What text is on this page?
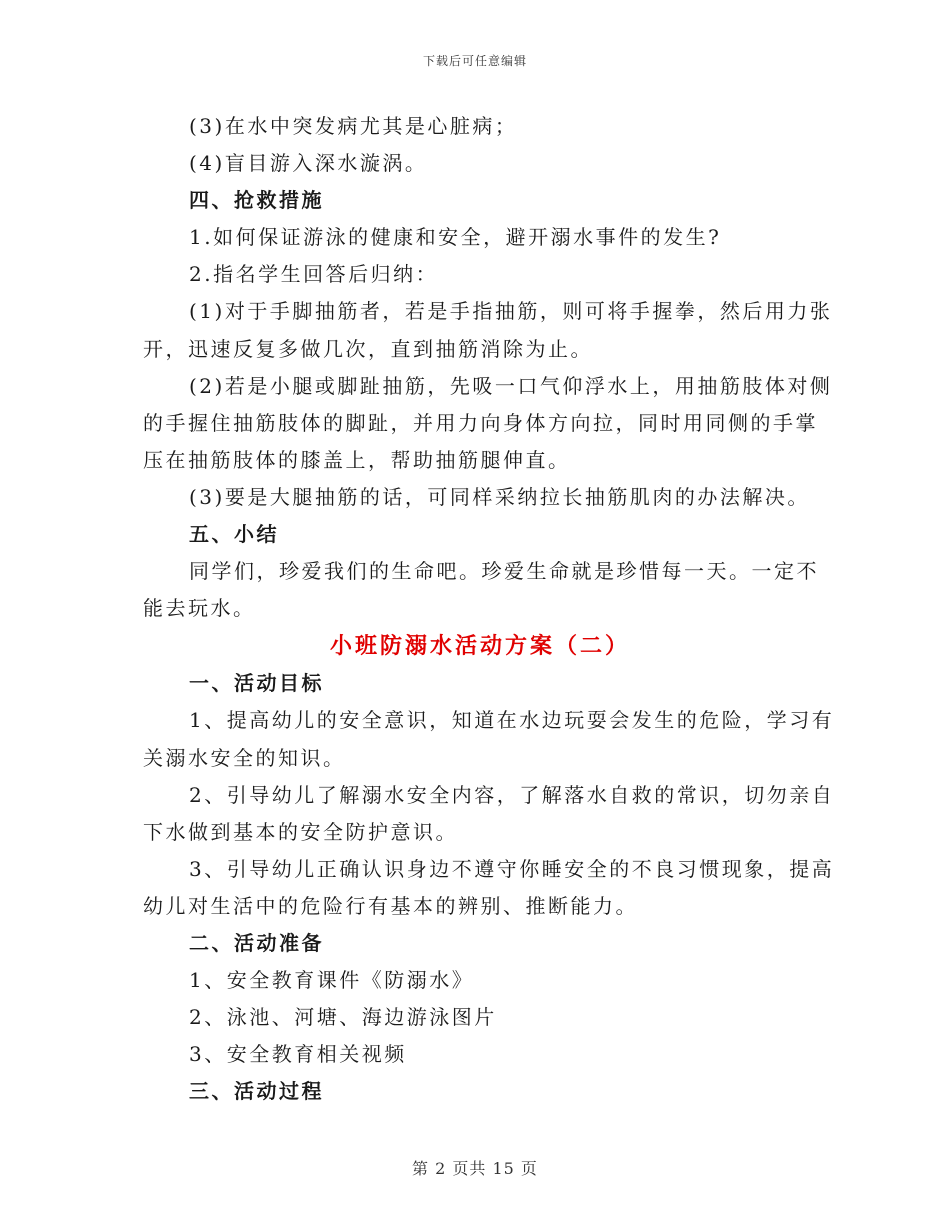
下载后可任意编辑

(3)在水中突发病尤其是心脏病；

(4)盲目游入深水漩涡。

四、抢救措施

1.如何保证游泳的健康和安全，避开溺水事件的发生?

2.指名学生回答后归纳：

(1)对于手脚抽筋者，若是手指抽筋，则可将手握拳，然后用力张

开，迅速反复多做几次，直到抽筋消除为止。

(2)若是小腿或脚趾抽筋，先吸一口气仰浮水上，用抽筋肢体对侧

的手握住抽筋肢体的脚趾，并用力向身体方向拉，同时用同侧的手掌

压在抽筋肢体的膝盖上，帮助抽筋腿伸直。

(3)要是大腿抽筋的话，可同样采纳拉长抽筋肌肉的办法解决。

五、小结

同学们，珍爱我们的生命吧。珍爱生命就是珍惜每一天。一定不

能去玩水。

小班防溺水活动方案（二）

一、活动目标

1、提高幼儿的安全意识，知道在水边玩耍会发生的危险，学习有

关溺水安全的知识。

2、引导幼儿了解溺水安全内容，了解落水自救的常识，切勿亲自

下水做到基本的安全防护意识。

3、引导幼儿正确认识身边不遵守你睡安全的不良习惯现象，提高

幼儿对生活中的危险行有基本的辨别、推断能力。

二、活动准备

1、安全教育课件《防溺水》

2、泳池、河塘、海边游泳图片

3、安全教育相关视频

三、活动过程

第 2 页共 15 页
